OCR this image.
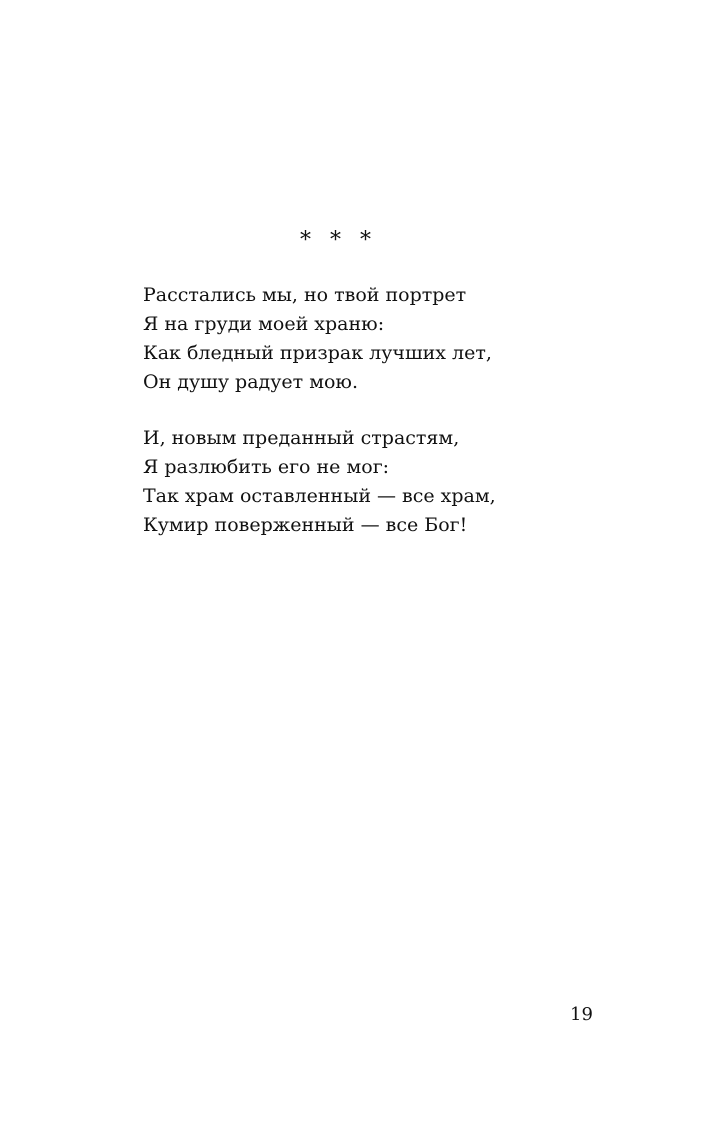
* * *
Расстались мы, но твой портрет
Я на груди моей храню:
Как бледный призрак лучших лет,
Он душу радует мою.
И, новым преданный страстям,
Я разлюбить его не мог:
Так храм оставленный — все храм,
Кумир поверженный — все Бог!
19
